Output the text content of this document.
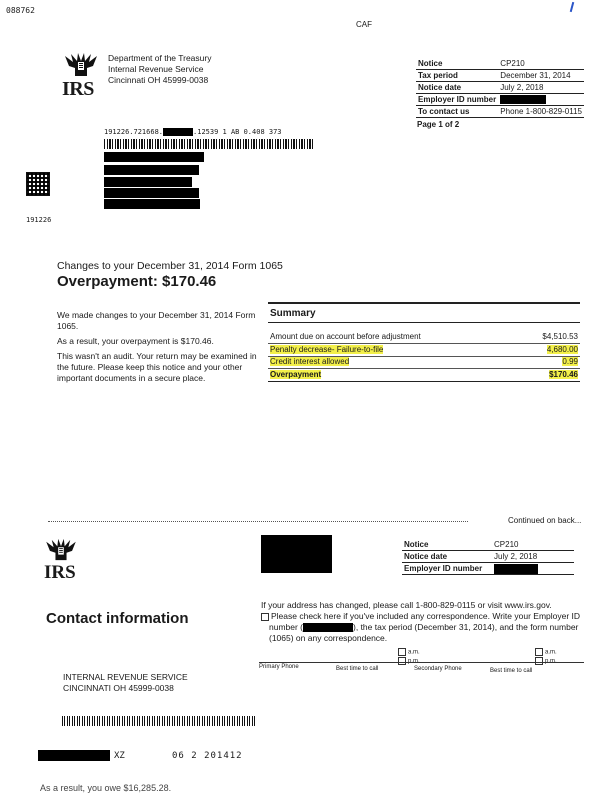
088762
CAF
IRS
Department of the Treasury
Internal Revenue Service
Cincinnati OH 45999-0038
Notice	CP210
Tax period	December 31, 2014
Notice date	July 2, 2018
Employer ID number	
To contact us	Phone 1-800-829-0115
Page 1 of 2
191226.721668.	.12539 1 AB 0.408 373
191226
Changes to your December 31, 2014 Form 1065
Overpayment: $170.46
We made changes to your December 31, 2014 Form 1065.
As a result, your overpayment is $170.46.
This wasn't an audit. Your return may be examined in the future. Please keep this notice and your other important documents in a secure place.
Summary
Amount due on account before adjustment	$4,510.53
Penalty decrease- Failure-to-file	4,680.00
Credit interest allowed	0.99
Overpayment	$170.46
Continued on back...
IRS
Notice	CP210
Notice date	July 2, 2018
Employer ID number	
Contact information
If your address has changed, please call 1-800-829-0115 or visit www.irs.gov.
Please check here if you've included any correspondence. Write your Employer ID
number (	), the tax period (December 31, 2014), and the form number
(1065) on any correspondence.
a.m.
p.m.
a.m.
p.m.
Primary Phone	Best time to call	Secondary Phone	Best time to call
INTERNAL REVENUE SERVICE
CINCINNATI OH 45999-0038
XZ	06 2 201412
As a result, you owe $16,285.28.
